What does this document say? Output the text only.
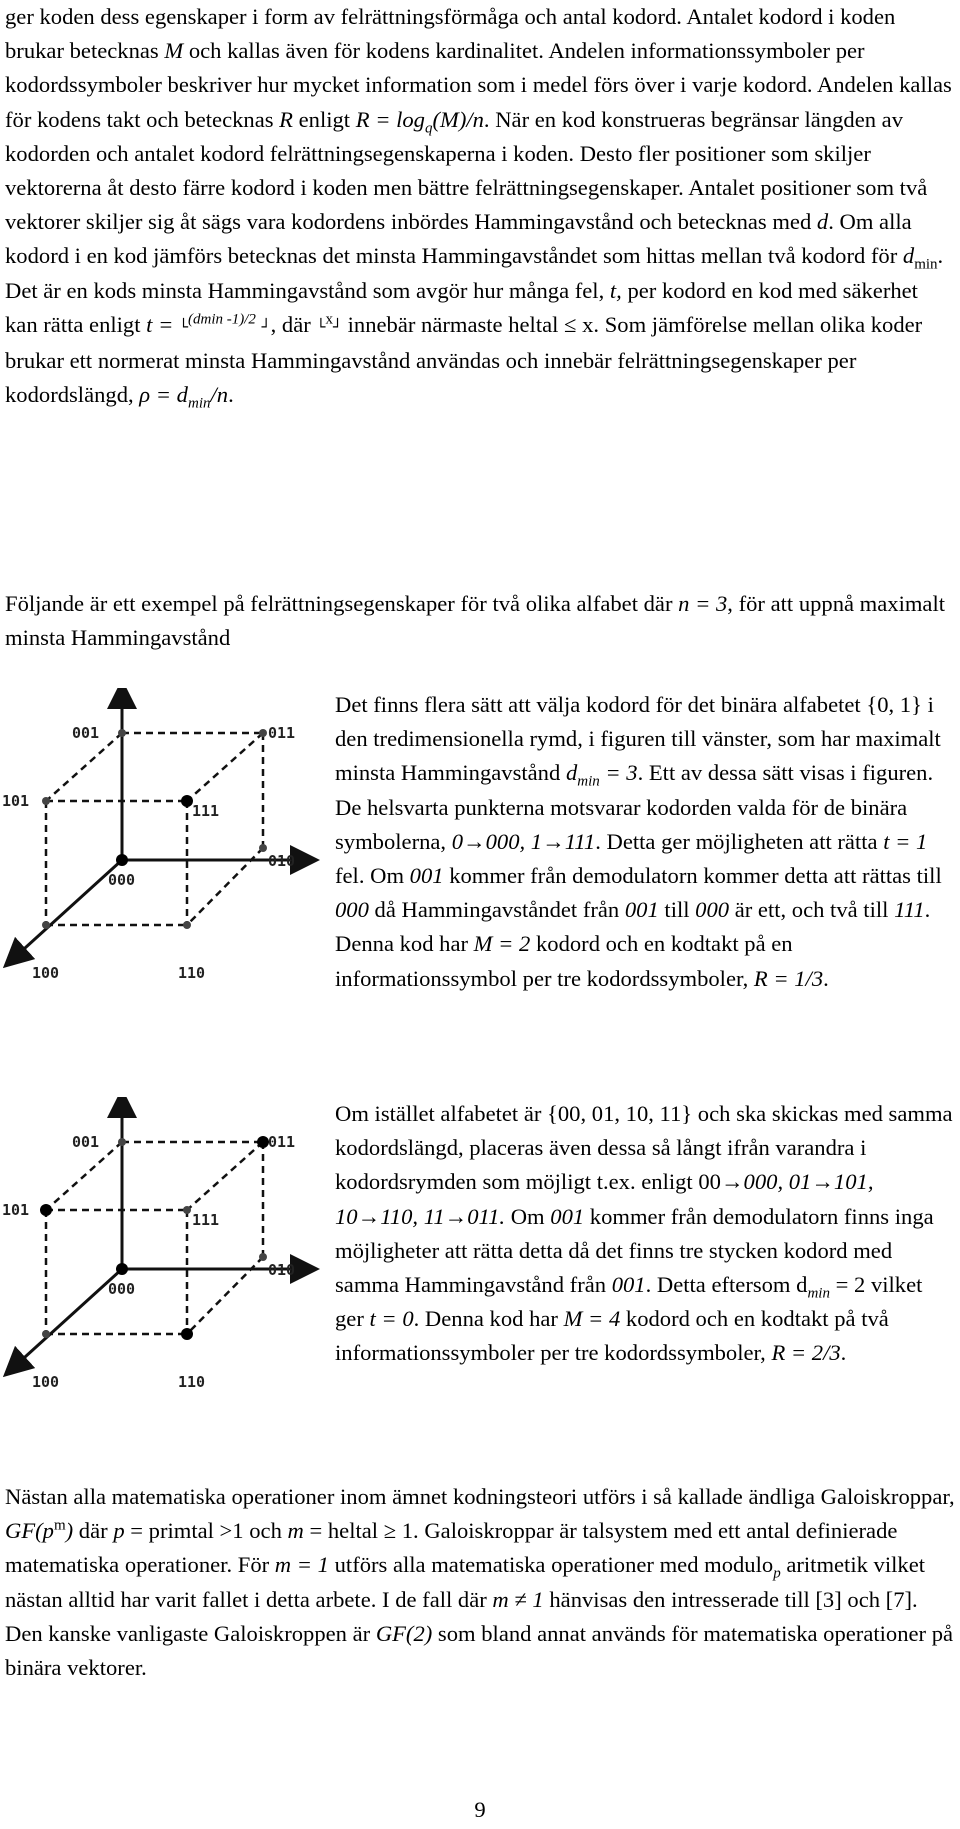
ger koden dess egenskaper i form av felrättningsförmåga och antal kodord. Antalet kodord i koden brukar betecknas M och kallas även för kodens kardinalitet. Andelen informationssymboler per kodordssymboler beskriver hur mycket information som i medel förs över i varje kodord. Andelen kallas för kodens takt och betecknas R enligt $R = \log_q(M)/n$. När en kod konstrueras begränsar längden av kodorden och antalet kodord felrättningsegenskaperna i koden. Desto fler positioner som skiljer vektorerna åt desto färre kodord i koden men bättre felrättningsegenskaper. Antalet positioner som två vektorer skiljer sig åt sägs vara kodordens inbördes Hammingavstånd och betecknas med d. Om alla kodord i en kod jämförs betecknas det minsta Hammingavståndet som hittas mellan två kodord för $d_{min}$. Det är en kods minsta Hammingavstånd som avgör hur många fel, t, per kodord en kod med säkerhet kan rätta enligt t = └$^{(dmin -1)/2}$ ┘, där └$^x$┘ innebär närmaste heltal ≤ x. Som jämförelse mellan olika koder brukar ett normerat minsta Hammingavstånd användas och innebär felrättningsegenskaper per kodordslängd, $\rho = d_{min}/n$.

Följande är ett exempel på felrättningsegenskaper för två olika alfabet där n = 3, för att uppnå maximalt minsta Hammingavstånd

001	011
101
111
010
000
100	110

Det finns flera sätt att välja kodord för det binära alfabetet {0, 1} i den tredimensionella rymd, i figuren till vänster, som har maximalt minsta Hammingavstånd $d_{min} = 3$. Ett av dessa sätt visas i figuren. De helsvarta punkterna motsvarar kodorden valda för de binära symbolerna, 0→000, 1→111. Detta ger möjligheten att rätta t = 1 fel. Om 001 kommer från demodulatorn kommer detta att rättas till 000 då Hammingavståndet från 001 till 000 är ett, och två till 111. Denna kod har M = 2 kodord och en kodtakt på en informationssymbol per tre kodordssymboler, R = 1/3.

001	011
101
111
010
000
100	110

Om istället alfabetet är {00, 01, 10, 11} och ska skickas med samma kodordslängd, placeras även dessa så långt ifrån varandra i kodordsrymden som möjligt t.ex. enligt 00→000, 01→101, 10→110, 11→011. Om 001 kommer från demodulatorn finns inga möjligheter att rätta detta då det finns tre stycken kodord med samma Hammingavstånd från 001. Detta eftersom $d_{min} = 2$ vilket ger t = 0. Denna kod har M = 4 kodord och en kodtakt på två informationssymboler per tre kodordssymboler, R = 2/3.

Nästan alla matematiska operationer inom ämnet kodningsteori utförs i så kallade ändliga Galoiskroppar, $GF(p^m)$ där p = primtal >1 och m = heltal ≥ 1. Galoiskroppar är talsystem med ett antal definierade matematiska operationer. För m = 1 utförs alla matematiska operationer med modulo$_p$ aritmetik vilket nästan alltid har varit fallet i detta arbete. I de fall där m ≠ 1 hänvisas den intresserade till [3] och [7]. Den kanske vanligaste Galoiskroppen är GF(2) som bland annat används för matematiska operationer på binära vektorer.

9
